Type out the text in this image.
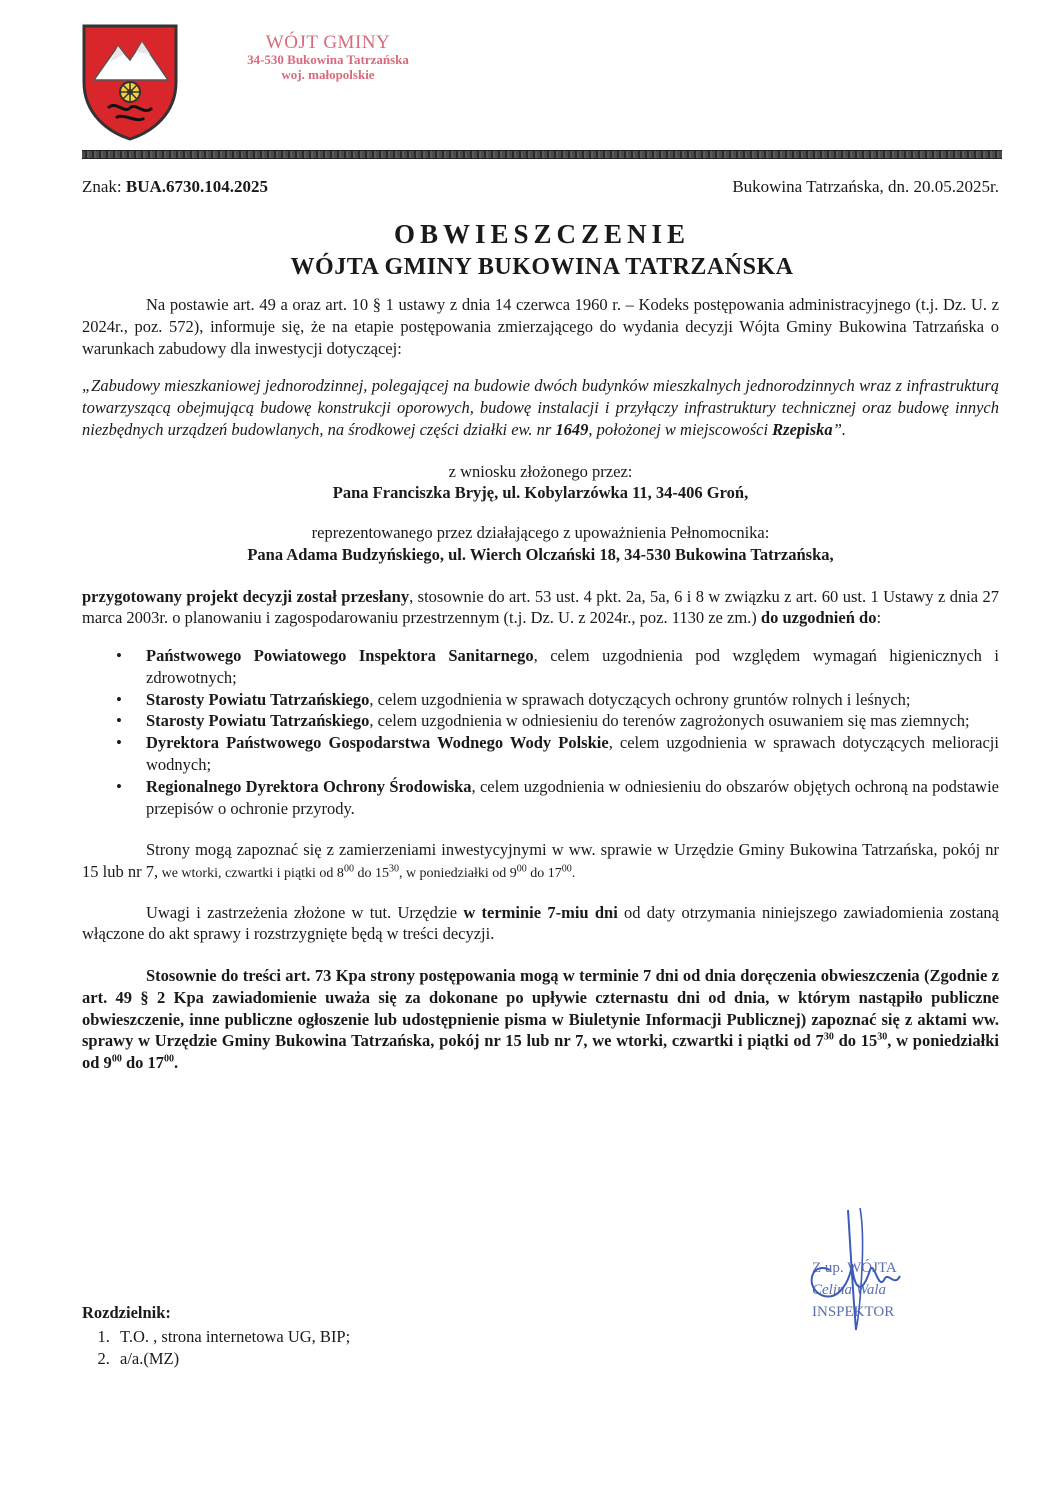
WÓJT GMINY
34-530 Bukowina Tatrzańska
woj. małopolskie
Znak: BUA.6730.104.2025	Bukowina Tatrzańska, dn. 20.05.2025r.
OBWIESZCZENIE
WÓJTA GMINY BUKOWINA TATRZAŃSKA

Na postawie art. 49 a oraz art. 10 § 1 ustawy z dnia 14 czerwca 1960 r. – Kodeks postępowania administracyjnego (t.j. Dz. U. z 2024r., poz. 572), informuje się, że na etapie postępowania zmierzającego do wydania decyzji Wójta Gminy Bukowina Tatrzańska o warunkach zabudowy dla inwestycji dotyczącej:

„Zabudowy mieszkaniowej jednorodzinnej, polegającej na budowie dwóch budynków mieszkalnych jednorodzinnych wraz z infrastrukturą towarzyszącą obejmującą budowę konstrukcji oporowych, budowę instalacji i przyłączy infrastruktury technicznej oraz budowę innych niezbędnych urządzeń budowlanych, na środkowej części działki ew. nr 1649, położonej w miejscowości Rzepiska”.

z wniosku złożonego przez:

Pana Franciszka Bryję, ul. Kobylarzówka 11, 34-406 Groń,

reprezentowanego przez działającego z upoważnienia Pełnomocnika:

Pana Adama Budzyńskiego, ul. Wierch Olczański 18, 34-530 Bukowina Tatrzańska,

przygotowany projekt decyzji został przesłany, stosownie do art. 53 ust. 4 pkt. 2a, 5a, 6 i 8 w związku z art. 60 ust. 1 Ustawy z dnia 27 marca 2003r. o planowaniu i zagospodarowaniu przestrzennym (t.j. Dz. U. z 2024r., poz. 1130 ze zm.) do uzgodnień do:

• Państwowego Powiatowego Inspektora Sanitarnego, celem uzgodnienia pod względem wymagań higienicznych i zdrowotnych;
• Starosty Powiatu Tatrzańskiego, celem uzgodnienia w sprawach dotyczących ochrony gruntów rolnych i leśnych;
• Starosty Powiatu Tatrzańskiego, celem uzgodnienia w odniesieniu do terenów zagrożonych osuwaniem się mas ziemnych;
• Dyrektora Państwowego Gospodarstwa Wodnego Wody Polskie, celem uzgodnienia w sprawach dotyczących melioracji wodnych;
• Regionalnego Dyrektora Ochrony Środowiska, celem uzgodnienia w odniesieniu do obszarów objętych ochroną na podstawie przepisów o ochronie przyrody.

Strony mogą zapoznać się z zamierzeniami inwestycyjnymi w ww. sprawie w Urzędzie Gminy Bukowina Tatrzańska, pokój nr 15 lub nr 7, we wtorki, czwartki i piątki od $8^{00}$ do $15^{30}$, w poniedziałki od $9^{00}$ do $17^{00}$.

Uwagi i zastrzeżenia złożone w tut. Urzędzie w terminie 7-miu dni od daty otrzymania niniejszego zawiadomienia zostaną włączone do akt sprawy i rozstrzygnięte będą w treści decyzji.

Stosownie do treści art. 73 Kpa strony postępowania mogą w terminie 7 dni od dnia doręczenia obwieszczenia (Zgodnie z art. 49 § 2 Kpa zawiadomienie uważa się za dokonane po upływie czternastu dni od dnia, w którym nastąpiło publiczne obwieszczenie, inne publiczne ogłoszenie lub udostępnienie pisma w Biuletynie Informacji Publicznej) zapoznać się z aktami ww. sprawy w Urzędzie Gminy Bukowina Tatrzańska, pokój nr 15 lub nr 7, we wtorki, czwartki i piątki od $7^{30}$ do $15^{30}$, w poniedziałki od $9^{00}$ do $17^{00}$.

Z up. WÓJTA
Celina Wala
INSPEKTOR
Rozdzielnik:
1. T.O. , strona internetowa UG, BIP;
2. a/a.(MZ)
